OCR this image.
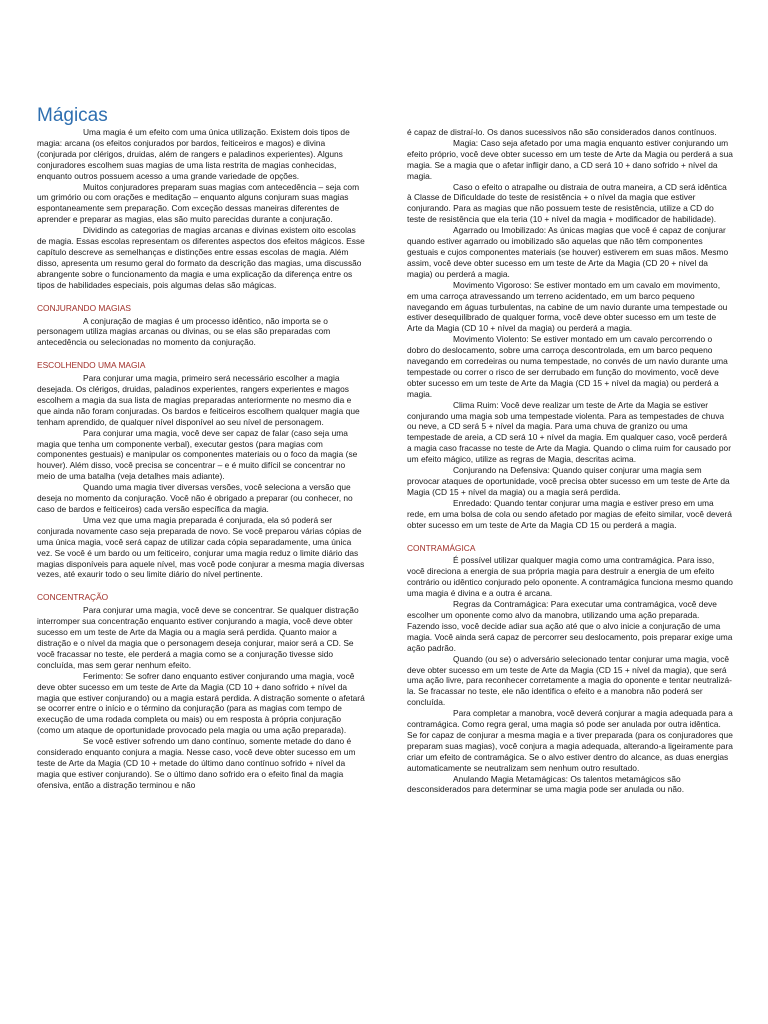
Mágicas

Uma magia é um efeito com uma única utilização. Existem dois tipos de magia: arcana (os efeitos conjurados por bardos, feiticeiros e magos) e divina (conjurada por clérigos, druidas, além de rangers e paladinos experientes). Alguns conjuradores escolhem suas magias de uma lista restrita de magias conhecidas, enquanto outros possuem acesso a uma grande variedade de opções.

Muitos conjuradores preparam suas magias com antecedência – seja com um grimório ou com orações e meditação – enquanto alguns conjuram suas magias espontaneamente sem preparação. Com exceção dessas maneiras diferentes de aprender e preparar as magias, elas são muito parecidas durante a conjuração.

Dividindo as categorias de magias arcanas e divinas existem oito escolas de magia. Essas escolas representam os diferentes aspectos dos efeitos mágicos. Esse capítulo descreve as semelhanças e distinções entre essas escolas de magia. Além disso, apresenta um resumo geral do formato da descrição das magias, uma discussão abrangente sobre o funcionamento da magia e uma explicação da diferença entre os tipos de habilidades especiais, pois algumas delas são mágicas.

CONJURANDO MAGIAS

A conjuração de magias é um processo idêntico, não importa se o personagem utiliza magias arcanas ou divinas, ou se elas são preparadas com antecedência ou selecionadas no momento da conjuração.

ESCOLHENDO UMA MAGIA

Para conjurar uma magia, primeiro será necessário escolher a magia desejada. Os clérigos, druidas, paladinos experientes, rangers experientes e magos escolhem a magia da sua lista de magias preparadas anteriormente no mesmo dia e que ainda não foram conjuradas. Os bardos e feiticeiros escolhem qualquer magia que tenham aprendido, de qualquer nível disponível ao seu nível de personagem.

Para conjurar uma magia, você deve ser capaz de falar (caso seja uma magia que tenha um componente verbal), executar gestos (para magias com componentes gestuais) e manipular os componentes materiais ou o foco da magia (se houver). Além disso, você precisa se concentrar – e é muito difícil se concentrar no meio de uma batalha (veja detalhes mais adiante).

Quando uma magia tiver diversas versões, você seleciona a versão que deseja no momento da conjuração. Você não é obrigado a preparar (ou conhecer, no caso de bardos e feiticeiros) cada versão específica da magia.

Uma vez que uma magia preparada é conjurada, ela só poderá ser conjurada novamente caso seja preparada de novo. Se você preparou várias cópias de uma única magia, você será capaz de utilizar cada cópia separadamente, uma única vez. Se você é um bardo ou um feiticeiro, conjurar uma magia reduz o limite diário das magias disponíveis para aquele nível, mas você pode conjurar a mesma magia diversas vezes, até exaurir todo o seu limite diário do nível pertinente.

CONCENTRAÇÃO

Para conjurar uma magia, você deve se concentrar. Se qualquer distração interromper sua concentração enquanto estiver conjurando a magia, você deve obter sucesso em um teste de Arte da Magia ou a magia será perdida. Quanto maior a distração e o nível da magia que o personagem deseja conjurar, maior será a CD. Se você fracassar no teste, ele perderá a magia como se a conjuração tivesse sido concluída, mas sem gerar nenhum efeito.

Ferimento: Se sofrer dano enquanto estiver conjurando uma magia, você deve obter sucesso em um teste de Arte da Magia (CD 10 + dano sofrido + nível da magia que estiver conjurando) ou a magia estará perdida. A distração somente o afetará se ocorrer entre o início e o término da conjuração (para as magias com tempo de execução de uma rodada completa ou mais) ou em resposta à própria conjuração (como um ataque de oportunidade provocado pela magia ou uma ação preparada).

Se você estiver sofrendo um dano contínuo, somente metade do dano é considerado enquanto conjura a magia. Nesse caso, você deve obter sucesso em um teste de Arte da Magia (CD 10 + metade do último dano contínuo sofrido + nível da magia que estiver conjurando). Se o último dano sofrido era o efeito final da magia ofensiva, então a distração terminou e não

é capaz de distraí-lo. Os danos sucessivos não são considerados danos contínuos.

Magia: Caso seja afetado por uma magia enquanto estiver conjurando um efeito próprio, você deve obter sucesso em um teste de Arte da Magia ou perderá a sua magia. Se a magia que o afetar infligir dano, a CD será 10 + dano sofrido + nível da magia.

Caso o efeito o atrapalhe ou distraia de outra maneira, a CD será idêntica à Classe de Dificuldade do teste de resistência + o nível da magia que estiver conjurando. Para as magias que não possuem teste de resistência, utilize a CD do teste de resistência que ela teria (10 + nível da magia + modificador de habilidade).

Agarrado ou Imobilizado: As únicas magias que você é capaz de conjurar quando estiver agarrado ou imobilizado são aquelas que não têm componentes gestuais e cujos componentes materiais (se houver) estiverem em suas mãos. Mesmo assim, você deve obter sucesso em um teste de Arte da Magia (CD 20 + nível da magia) ou perderá a magia.

Movimento Vigoroso: Se estiver montado em um cavalo em movimento, em uma carroça atravessando um terreno acidentado, em um barco pequeno navegando em águas turbulentas, na cabine de um navio durante uma tempestade ou estiver desequilibrado de qualquer forma, você deve obter sucesso em um teste de Arte da Magia (CD 10 + nível da magia) ou perderá a magia.

Movimento Violento: Se estiver montado em um cavalo percorrendo o dobro do deslocamento, sobre uma carroça descontrolada, em um barco pequeno navegando em corredeiras ou numa tempestade, no convés de um navio durante uma tempestade ou correr o risco de ser derrubado em função do movimento, você deve obter sucesso em um teste de Arte da Magia (CD 15 + nível da magia) ou perderá a magia.

Clima Ruim: Você deve realizar um teste de Arte da Magia se estiver conjurando uma magia sob uma tempestade violenta. Para as tempestades de chuva ou neve, a CD será 5 + nível da magia. Para uma chuva de granizo ou uma tempestade de areia, a CD será 10 + nível da magia. Em qualquer caso, você perderá a magia caso fracasse no teste de Arte da Magia. Quando o clima ruim for causado por um efeito mágico, utilize as regras de Magia, descritas acima.

Conjurando na Defensiva: Quando quiser conjurar uma magia sem provocar ataques de oportunidade, você precisa obter sucesso em um teste de Arte da Magia (CD 15 + nível da magia) ou a magia será perdida.

Enredado: Quando tentar conjurar uma magia e estiver preso em uma rede, em uma bolsa de cola ou sendo afetado por magias de efeito similar, você deverá obter sucesso em um teste de Arte da Magia CD 15 ou perderá a magia.

CONTRAMÁGICA

É possível utilizar qualquer magia como uma contramágica. Para isso, você direciona a energia de sua própria magia para destruir a energia de um efeito contrário ou idêntico conjurado pelo oponente. A contramágica funciona mesmo quando uma magia é divina e a outra é arcana.

Regras da Contramágica: Para executar uma contramágica, você deve escolher um oponente como alvo da manobra, utilizando uma ação preparada. Fazendo isso, você decide adiar sua ação até que o alvo inicie a conjuração de uma magia. Você ainda será capaz de percorrer seu deslocamento, pois preparar exige uma ação padrão.

Quando (ou se) o adversário selecionado tentar conjurar uma magia, você deve obter sucesso em um teste de Arte da Magia (CD 15 + nível da magia), que será uma ação livre, para reconhecer corretamente a magia do oponente e tentar neutralizá-la. Se fracassar no teste, ele não identifica o efeito e a manobra não poderá ser concluída.

Para completar a manobra, você deverá conjurar a magia adequada para a contramágica. Como regra geral, uma magia só pode ser anulada por outra idêntica. Se for capaz de conjurar a mesma magia e a tiver preparada (para os conjuradores que preparam suas magias), você conjura a magia adequada, alterando-a ligeiramente para criar um efeito de contramágica. Se o alvo estiver dentro do alcance, as duas energias automaticamente se neutralizam sem nenhum outro resultado.

Anulando Magia Metamágicas: Os talentos metamágicos são desconsiderados para determinar se uma magia pode ser anulada ou não.
